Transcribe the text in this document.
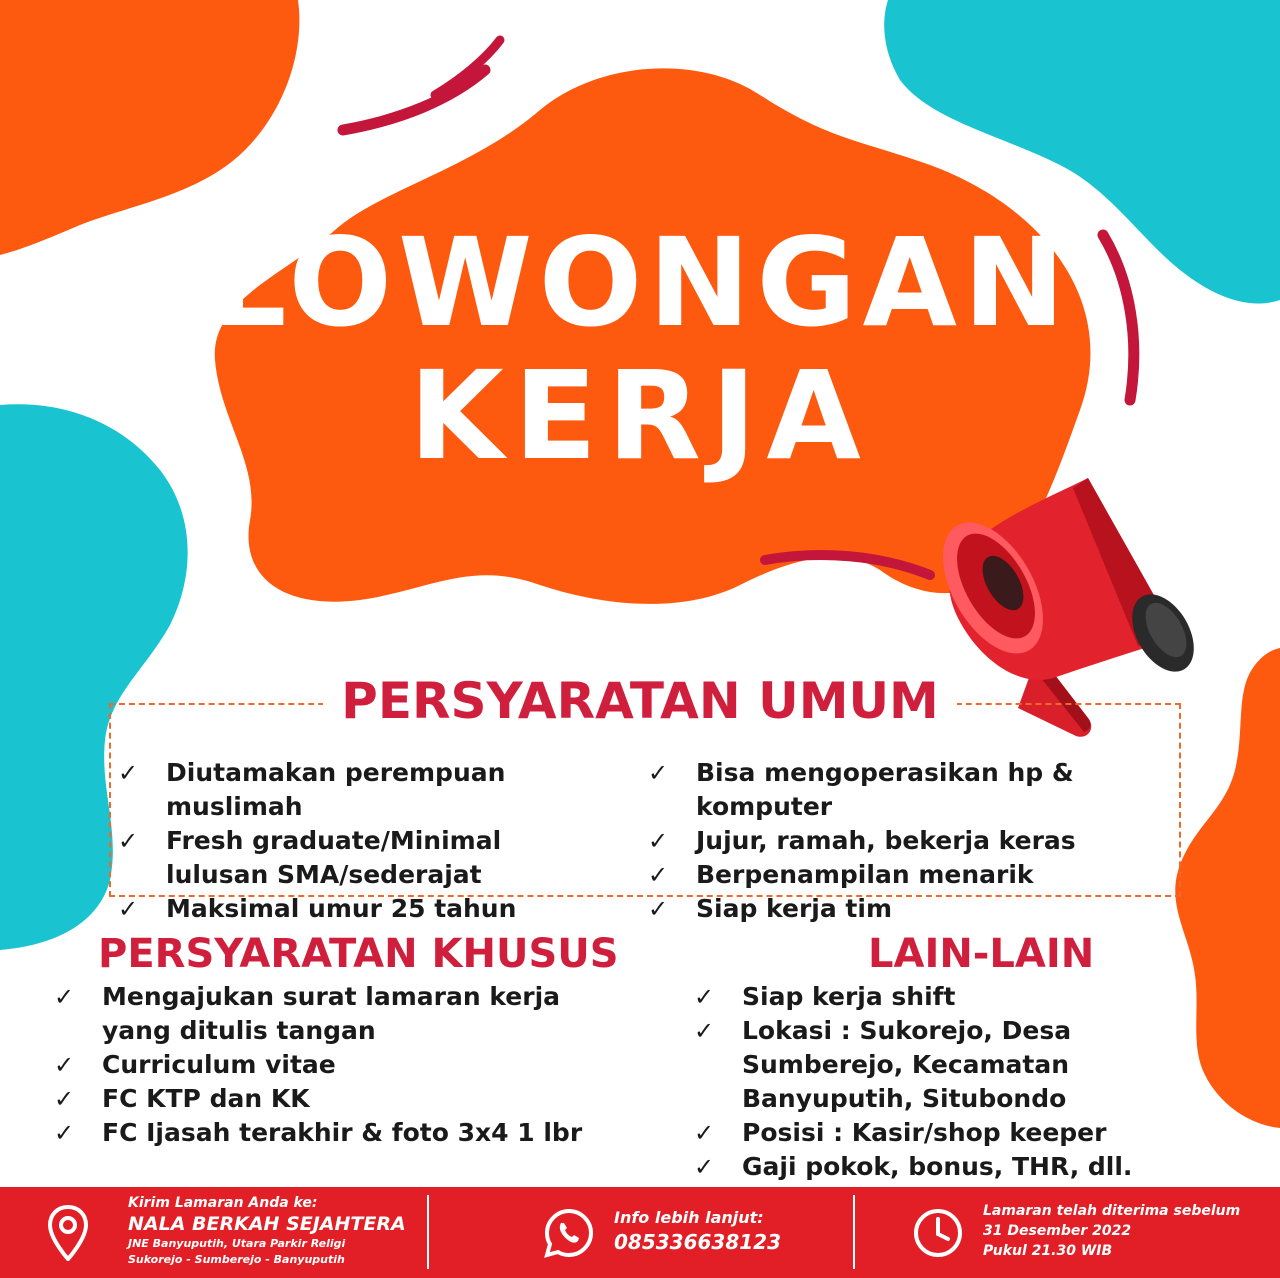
LOWONGAN
KERJA
PERSYARATAN UMUM
✓ Diutamakan perempuan muslimah
✓ Fresh graduate/Minimal lulusan SMA/sederajat
✓ Maksimal umur 25 tahun
✓ Bisa mengoperasikan hp & komputer
✓ Jujur, ramah, bekerja keras
✓ Berpenampilan menarik
✓ Siap kerja tim
PERSYARATAN KHUSUS
✓ Mengajukan surat lamaran kerja yang ditulis tangan
✓ Curriculum vitae
✓ FC KTP dan KK
✓ FC Ijasah terakhir & foto 3x4 1 lbr
LAIN-LAIN
✓ Siap kerja shift
✓ Lokasi : Sukorejo, Desa Sumberejo, Kecamatan Banyuputih, Situbondo
✓ Posisi : Kasir/shop keeper
✓ Gaji pokok, bonus, THR, dll.
Kirim Lamaran Anda ke:
NALA BERKAH SEJAHTERA
JNE Banyuputih, Utara Parkir Religi
Sukorejo - Sumberejo - Banyuputih
Info lebih lanjut:
085336638123
Lamaran telah diterima sebelum
31 Desember 2022
Pukul 21.30 WIB
